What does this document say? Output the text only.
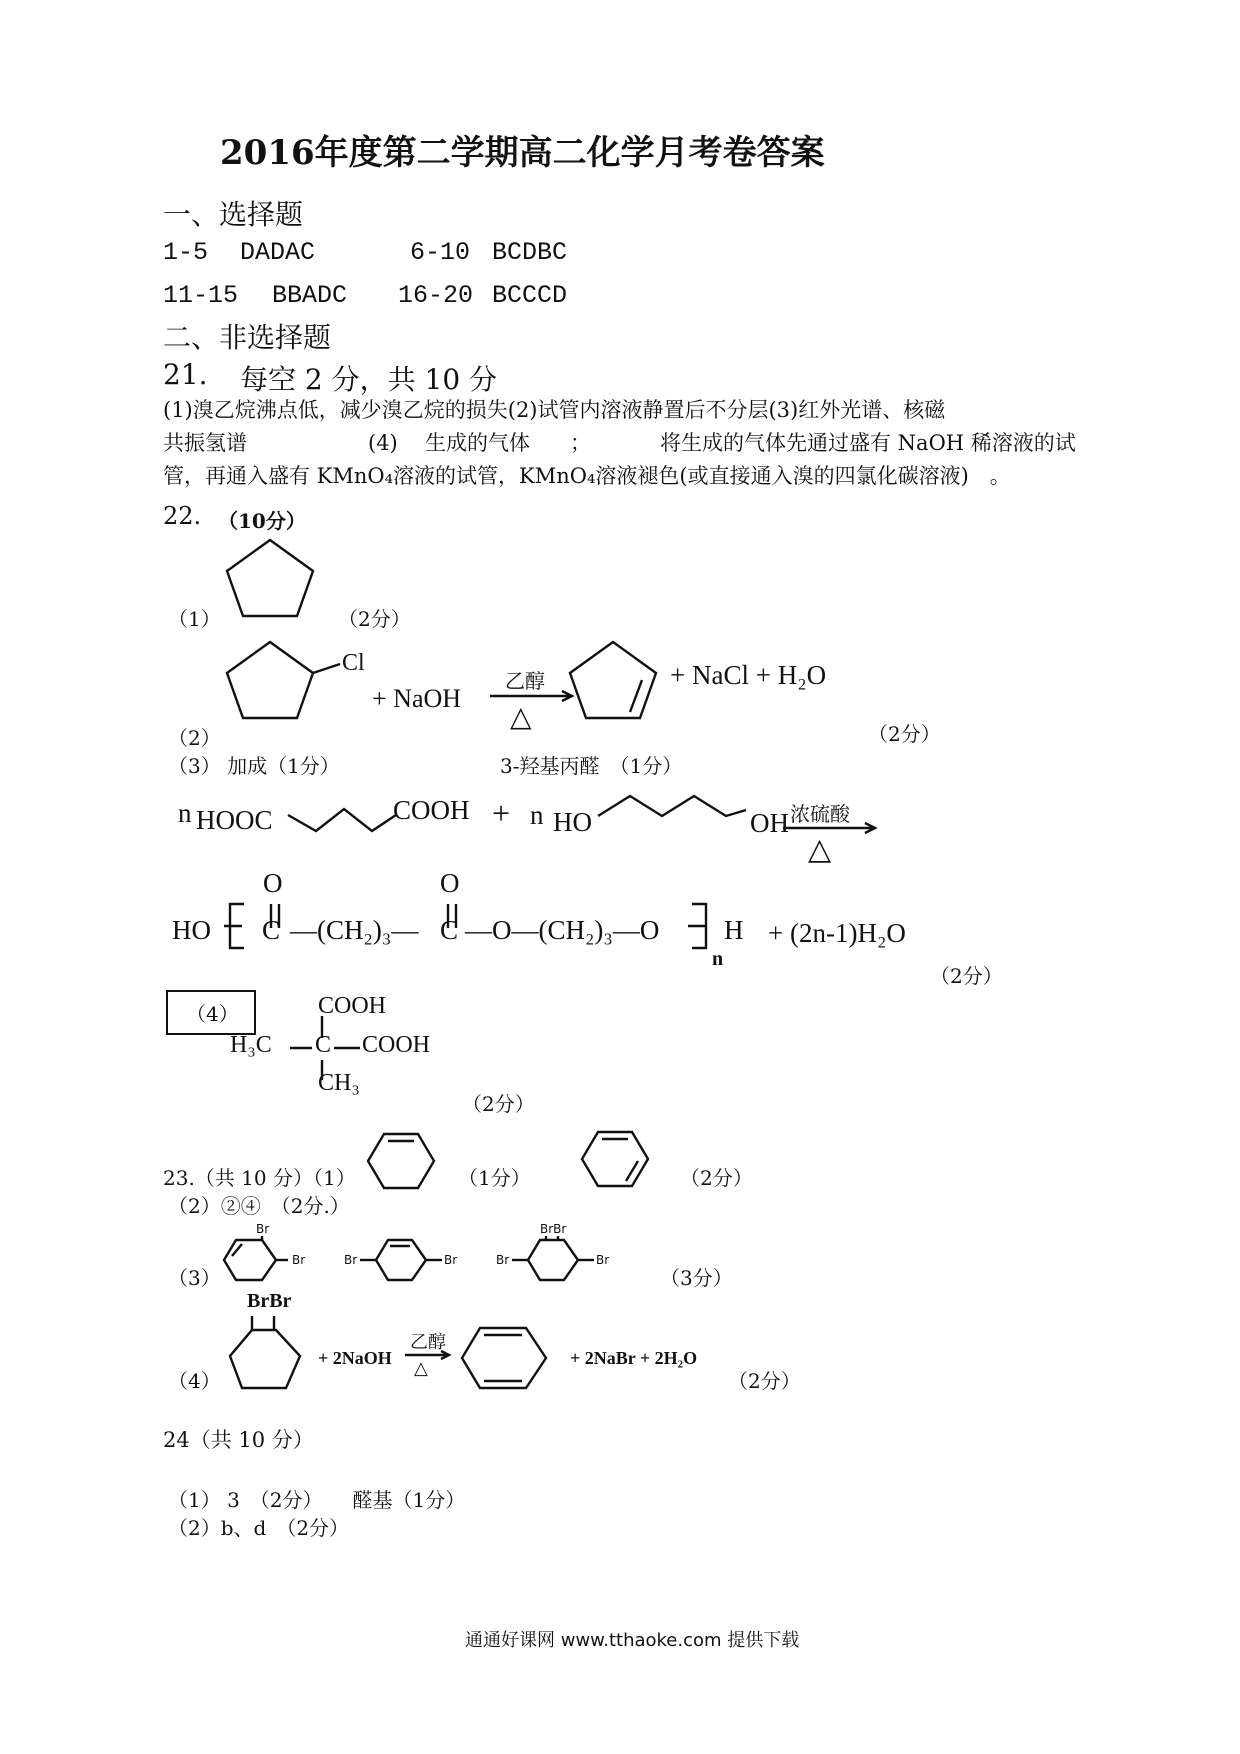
2016年度第二学期高二化学月考卷答案
一、选择题
1-5 DADAC	6-10 BCDBC
11-15 BBADC 16-20 BCCCD
二、非选择题
21. 每空 2 分，共 10 分
(1)溴乙烷沸点低，减少溴乙烷的损失(2)试管内溶液静置后不分层(3)红外光谱、核磁
共振氢谱	(4) 生成的气体 ；	将生成的气体先通过盛有 NaOH 稀溶液的试
管，再通入盛有 KMnO₄溶液的试管，KMnO₄溶液褪色(或直接通入溴的四氯化碳溶液)　。
22. （10分）
（1）	（2分）
（2）
Cl
+ NaOH
乙醇
△
+ NaCl + H₂O
（2分）
（3） 加成（1分）	3-羟基丙醛　（1分）
n HOOC	COOH + n HO	OH 浓硫酸
△
O	O
HO C —(CH₂)₃— C —O—(CH₂)₃—O H
n
+ (2n-1)H₂O
（2分）
（4）	COOH
H₃C C COOH
CH₃
（2分）
23.（共 10 分）（1）	（1分）	（2分）
（2）②④　（2分.）
（3）
Br
Br	Br	Br
BrBr
Br	Br
（3分）
（4）
BrBr
+ 2NaOH
乙醇
△	+ 2NaBr + 2H₂O
（2分）
24（共 10 分）
（1） 3　（2分）　　醛基（1分）
（2）b、d　（2分）
通通好课网 www.tthaoke.com 提供下载
